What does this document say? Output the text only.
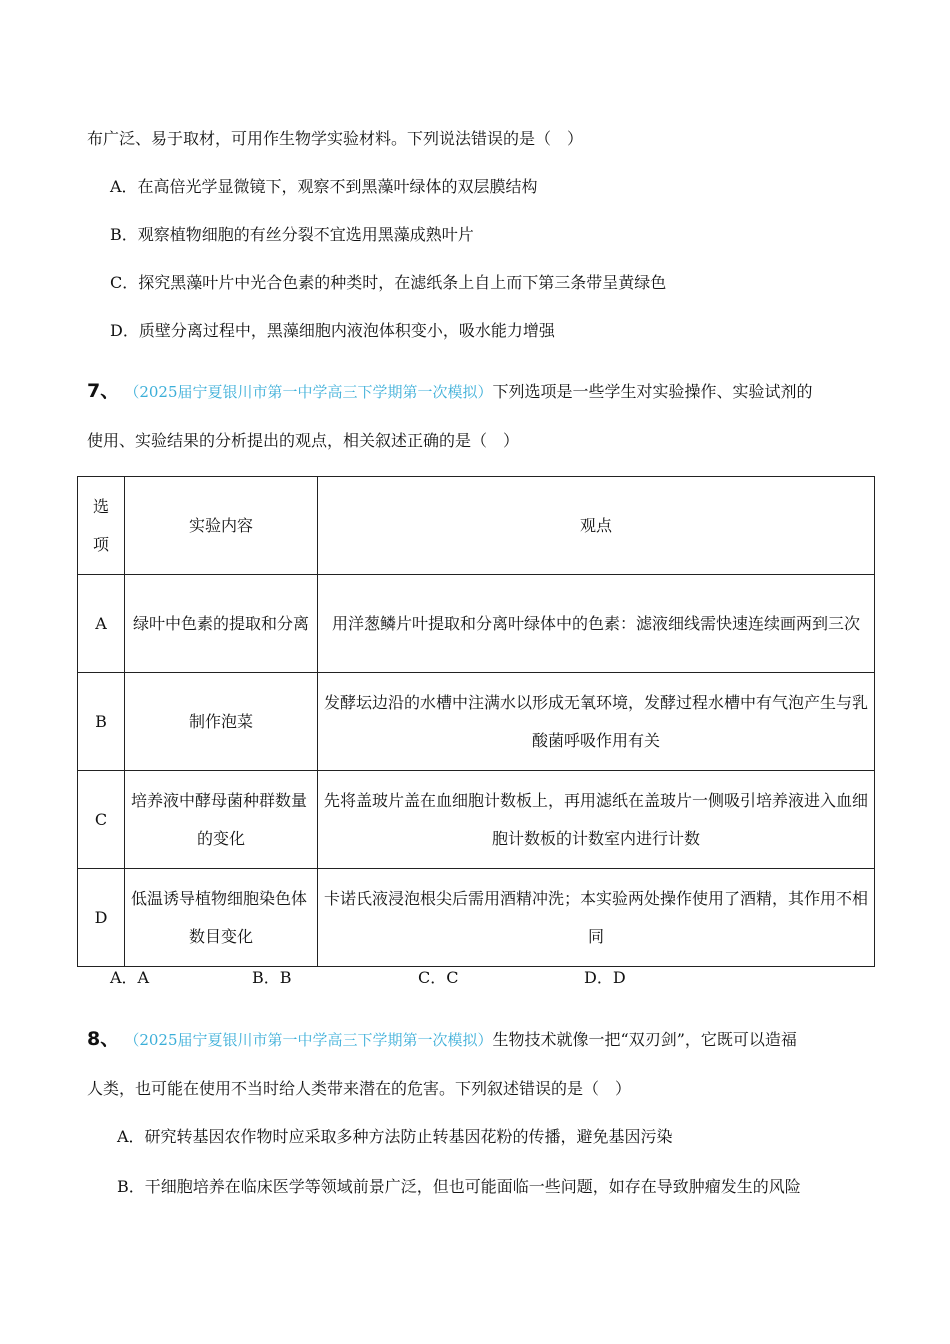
布广泛、易于取材，可用作生物学实验材料。下列说法错误的是（　）
A．在高倍光学显微镜下，观察不到黑藻叶绿体的双层膜结构
B．观察植物细胞的有丝分裂不宜选用黑藻成熟叶片
C．探究黑藻叶片中光合色素的种类时，在滤纸条上自上而下第三条带呈黄绿色
D．质壁分离过程中，黑藻细胞内液泡体积变小，吸水能力增强
7、 （2025届宁夏银川市第一中学高三下学期第一次模拟）下列选项是一些学生对实验操作、实验试剂的
使用、实验结果的分析提出的观点，相关叙述正确的是（　）
选项	实验内容	观点
A	绿叶中色素的提取和分离	用洋葱鳞片叶提取和分离叶绿体中的色素：滤液细线需快速连续画两到三次
B	制作泡菜	发酵坛边沿的水槽中注满水以形成无氧环境，发酵过程水槽中有气泡产生与乳酸菌呼吸作用有关
C	培养液中酵母菌种群数量的变化	先将盖玻片盖在血细胞计数板上，再用滤纸在盖玻片一侧吸引培养液进入血细胞计数板的计数室内进行计数
D	低温诱导植物细胞染色体数目变化	卡诺氏液浸泡根尖后需用酒精冲洗；本实验两处操作使用了酒精，其作用不相同
A．A	B．B	C．C	D．D
8、 （2025届宁夏银川市第一中学高三下学期第一次模拟）生物技术就像一把“双刃剑”，它既可以造福
人类，也可能在使用不当时给人类带来潜在的危害。下列叙述错误的是（　）
A．研究转基因农作物时应采取多种方法防止转基因花粉的传播，避免基因污染
B．干细胞培养在临床医学等领域前景广泛，但也可能面临一些问题，如存在导致肿瘤发生的风险
